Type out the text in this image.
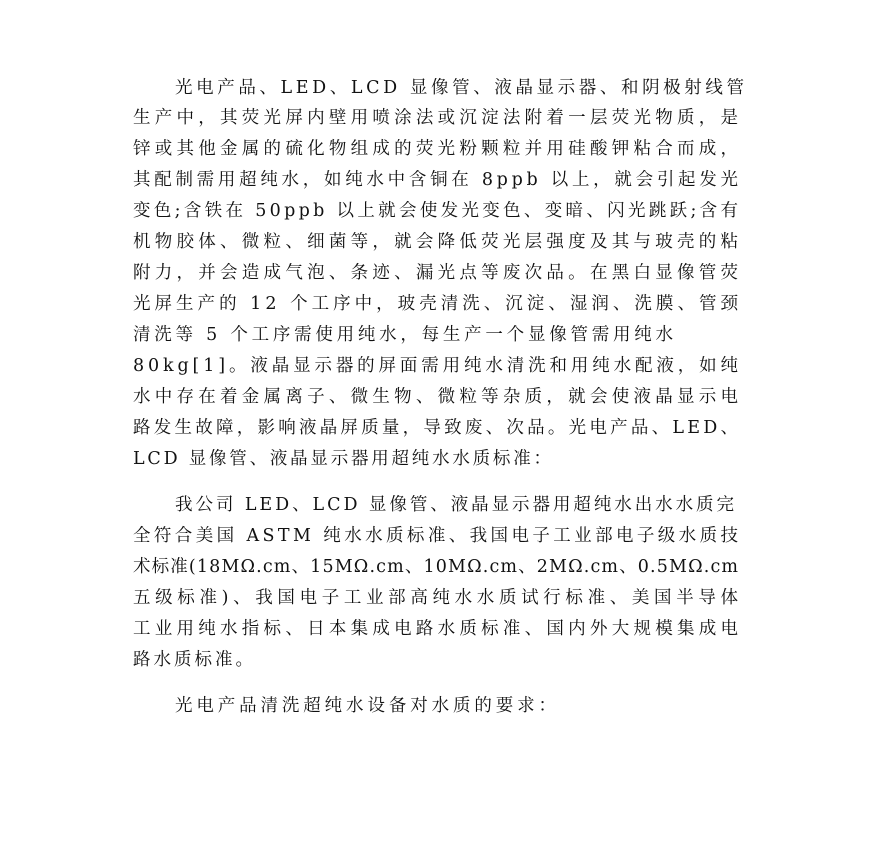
光电产品、LED、LCD 显像管、液晶显示器、和阴极射线管

生产中，其荧光屏内壁用喷涂法或沉淀法附着一层荧光物质，是

锌或其他金属的硫化物组成的荧光粉颗粒并用硅酸钾粘合而成，

其配制需用超纯水，如纯水中含铜在 8ppb 以上，就会引起发光

变色;含铁在 50ppb 以上就会使发光变色、变暗、闪光跳跃;含有

机物胶体、微粒、细菌等，就会降低荧光层强度及其与玻壳的粘

附力，并会造成气泡、条迹、漏光点等废次品。在黑白显像管荧

光屏生产的 12 个工序中，玻壳清洗、沉淀、湿润、洗膜、管颈

清洗等 5 个工序需使用纯水，每生产一个显像管需用纯水

80kg[1]。液晶显示器的屏面需用纯水清洗和用纯水配液，如纯

水中存在着金属离子、微生物、微粒等杂质，就会使液晶显示电

路发生故障，影响液晶屏质量，导致废、次品。光电产品、LED、

LCD 显像管、液晶显示器用超纯水水质标准：

我公司 LED、LCD 显像管、液晶显示器用超纯水出水水质完

全符合美国 ASTM 纯水水质标准、我国电子工业部电子级水质技

术标准(18MΩ.cm、15MΩ.cm、10MΩ.cm、2MΩ.cm、0.5MΩ.cm

五级标准)、我国电子工业部高纯水水质试行标准、美国半导体

工业用纯水指标、日本集成电路水质标准、国内外大规模集成电

路水质标准。

光电产品清洗超纯水设备对水质的要求：
